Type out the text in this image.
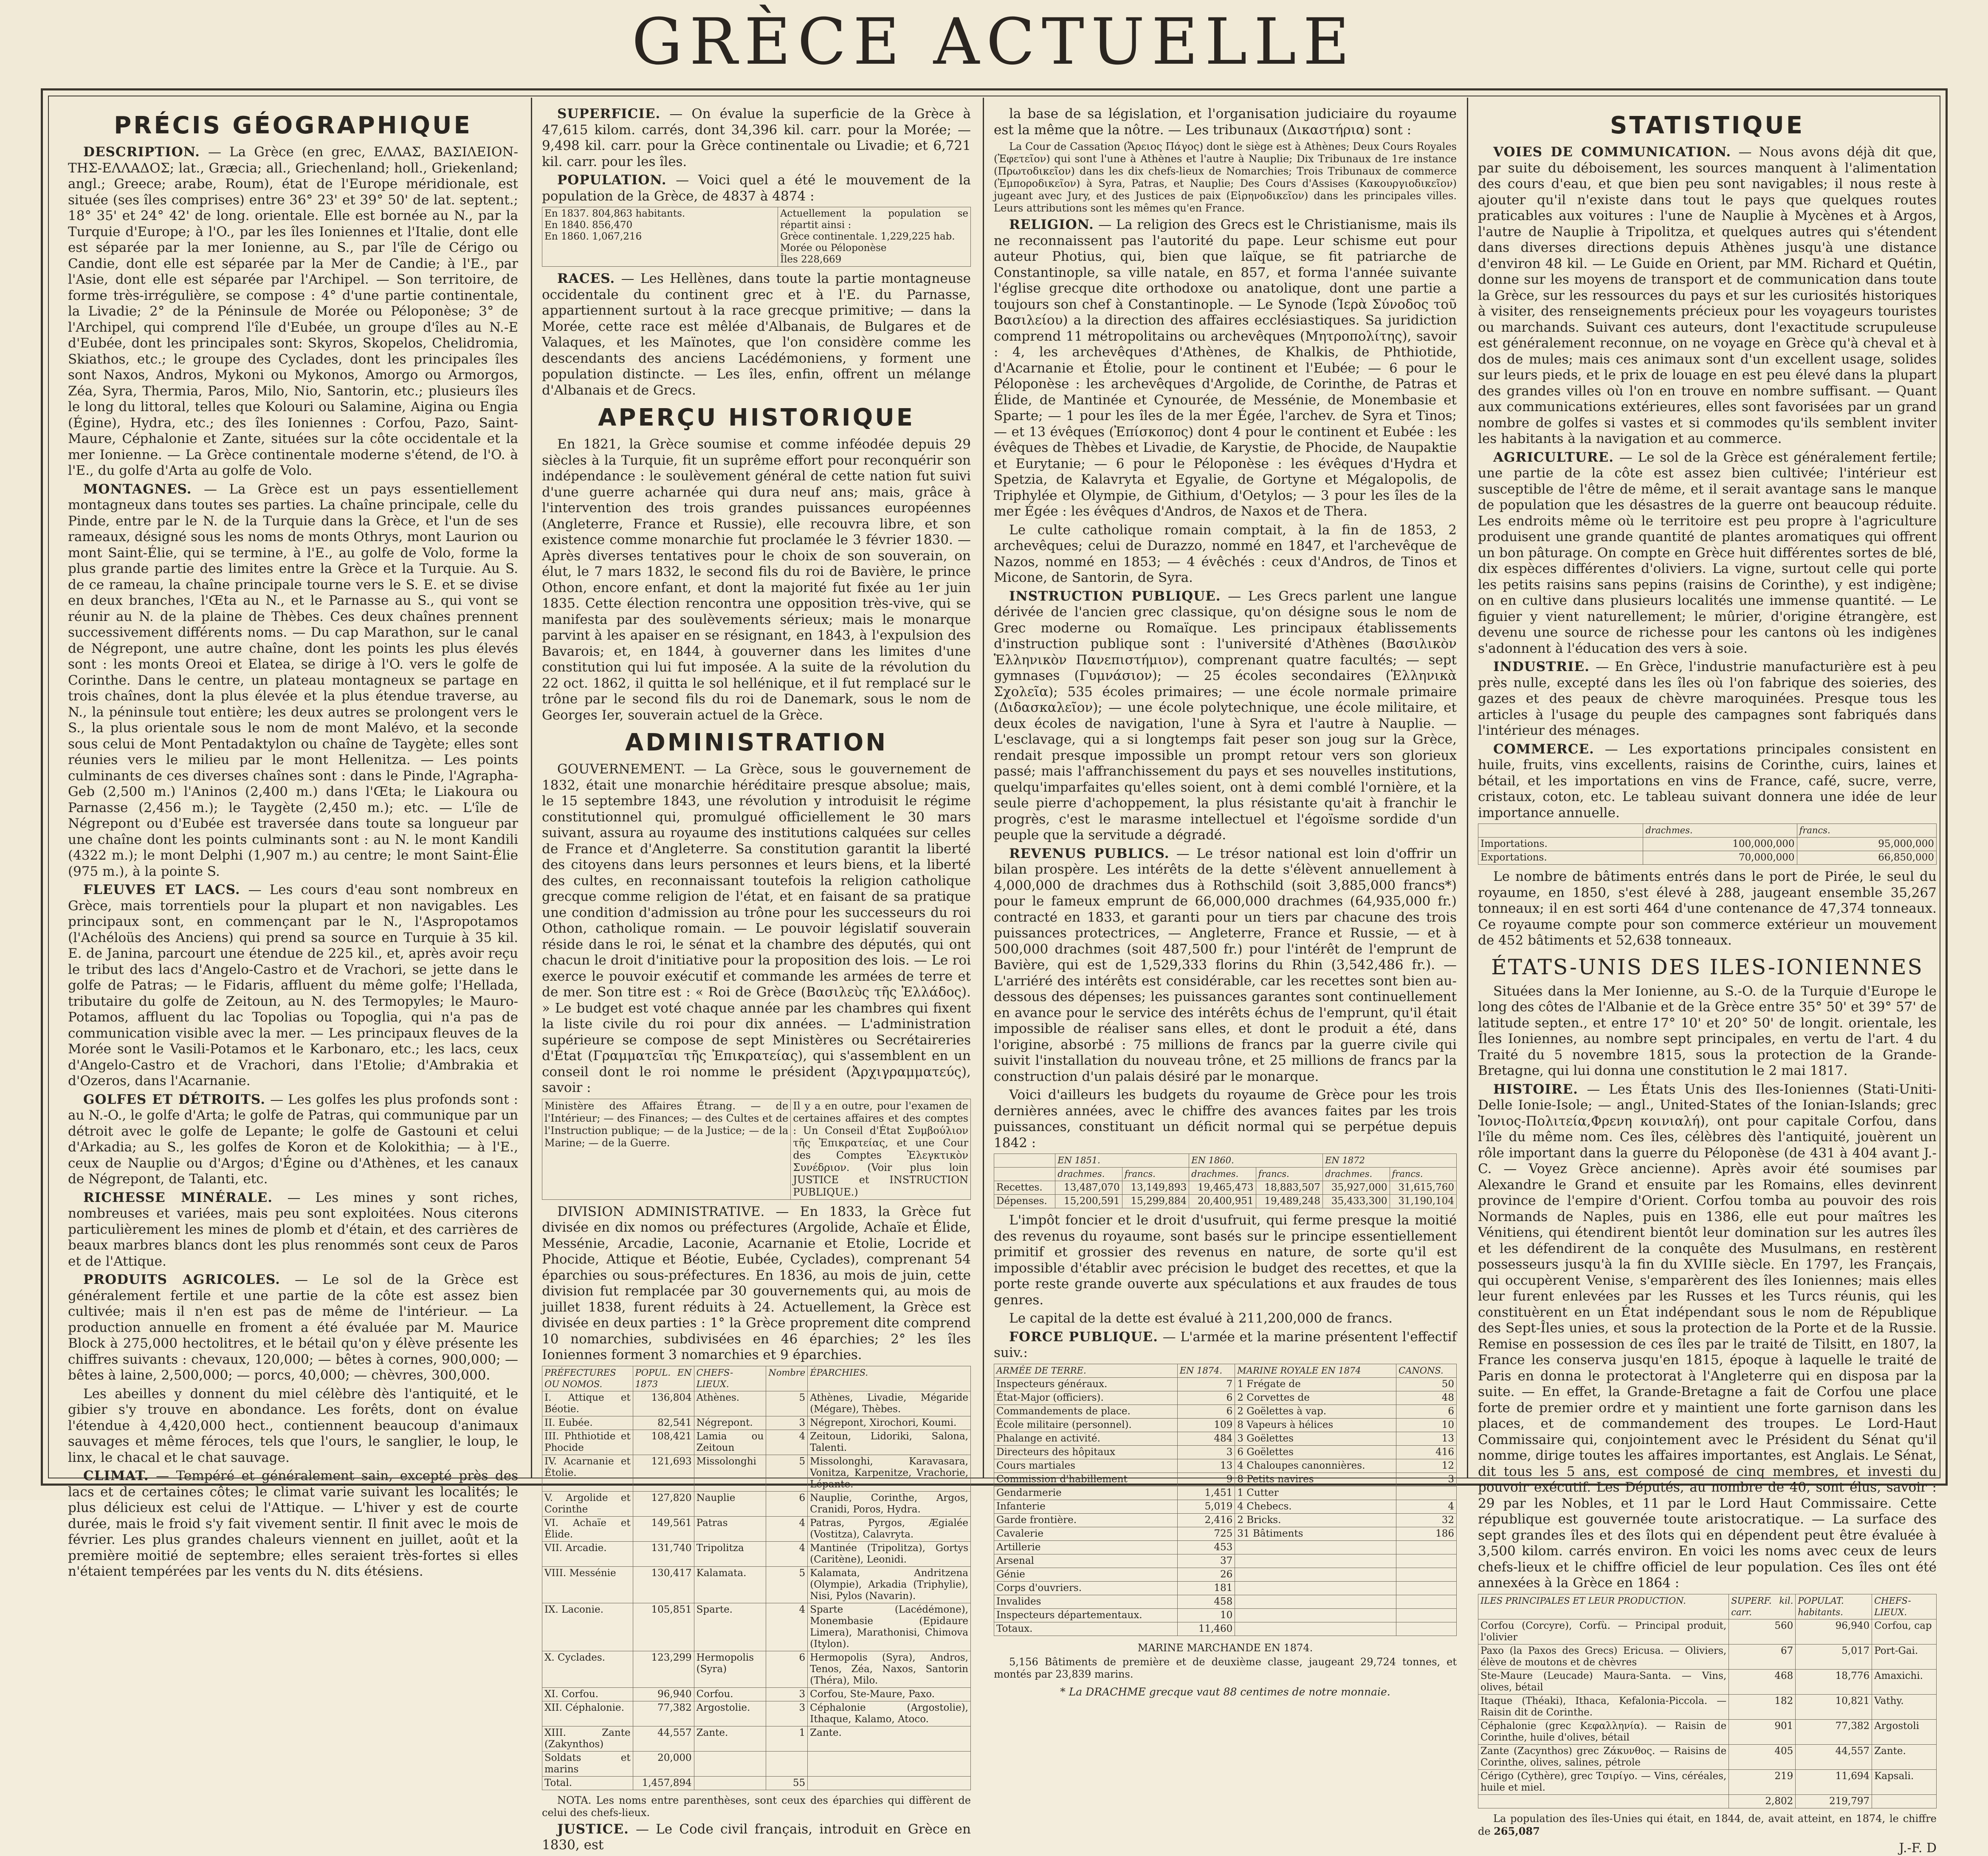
GRÈCE ACTUELLE
PRÉCIS GÉOGRAPHIQUE

DESCRIPTION. — La Grèce (en grec, ΕΛΛΑΣ, ΒΑΣΙΛΕΙΟΝ-ΤΗΣ-ΕΛΛΑΔΟΣ; lat., Græcia; all., Griechenland; holl., Griekenland; angl.; Greece; arabe, Roum), état de l'Europe méridionale, est située (ses îles comprises) entre 36° 23' et 39° 50' de lat. septent.; 18° 35' et 24° 42' de long. orientale. Elle est bornée au N., par la Turquie d'Europe; à l'O., par les îles Ioniennes et l'Italie, dont elle est séparée par la mer Ionienne, au S., par l'île de Cérigo ou Candie, dont elle est séparée par la Mer de Candie; à l'E., par l'Asie, dont elle est séparée par l'Archipel. — Son territoire, de forme très-irrégulière, se compose : 4° d'une partie continentale, la Livadie; 2° de la Péninsule de Morée ou Péloponèse; 3° de l'Archipel, qui comprend l'île d'Eubée, un groupe d'îles au N.-E d'Eubée, dont les principales sont: Skyros, Skopelos, Chelidromia, Skiathos, etc.; le groupe des Cyclades, dont les principales îles sont Naxos, Andros, Mykoni ou Mykonos, Amorgo ou Armorgos, Zéa, Syra, Thermia, Paros, Milo, Nio, Santorin, etc.; plusieurs îles le long du littoral, telles que Kolouri ou Salamine, Aigina ou Engia (Égine), Hydra, etc.; des îles Ioniennes : Corfou, Pazo, Saint-Maure, Céphalonie et Zante, situées sur la côte occidentale et la mer Ionienne. — La Grèce continentale moderne s'étend, de l'O. à l'E., du golfe d'Arta au golfe de Volo.

MONTAGNES. — La Grèce est un pays essentiellement montagneux dans toutes ses parties. La chaîne principale, celle du Pinde, entre par le N. de la Turquie dans la Grèce, et l'un de ses rameaux, désigné sous les noms de monts Othrys, mont Laurion ou mont Saint-Élie, qui se termine, à l'E., au golfe de Volo, forme la plus grande partie des limites entre la Grèce et la Turquie. Au S. de ce rameau, la chaîne principale tourne vers le S. E. et se divise en deux branches, l'Œta au N., et le Parnasse au S., qui vont se réunir au N. de la plaine de Thèbes. Ces deux chaînes prennent successivement différents noms. — Du cap Marathon, sur le canal de Négrepont, une autre chaîne, dont les points les plus élevés sont : les monts Oreoi et Elatea, se dirige à l'O. vers le golfe de Corinthe. Dans le centre, un plateau montagneux se partage en trois chaînes, dont la plus élevée et la plus étendue traverse, au N., la péninsule tout entière; les deux autres se prolongent vers le S., la plus orientale sous le nom de mont Malévo, et la seconde sous celui de Mont Pentadaktylon ou chaîne de Taygète; elles sont réunies vers le milieu par le mont Hellenitza. — Les points culminants de ces diverses chaînes sont : dans le Pinde, l'Agrapha-Geb (2,500 m.) l'Aninos (2,400 m.) dans l'Œta; le Liakoura ou Parnasse (2,456 m.); le Taygète (2,450 m.); etc. — L'île de Négrepont ou d'Eubée est traversée dans toute sa longueur par une chaîne dont les points culminants sont : au N. le mont Kandili (4322 m.); le mont Delphi (1,907 m.) au centre; le mont Saint-Élie (975 m.), à la pointe S.

FLEUVES ET LACS. — Les cours d'eau sont nombreux en Grèce, mais torrentiels pour la plupart et non navigables. Les principaux sont, en commençant par le N., l'Aspropotamos (l'Achéloüs des Anciens) qui prend sa source en Turquie à 35 kil. E. de Janina, parcourt une étendue de 225 kil., et, après avoir reçu le tribut des lacs d'Angelo-Castro et de Vrachori, se jette dans le golfe de Patras; — le Fidaris, affluent du même golfe; l'Hellada, tributaire du golfe de Zeitoun, au N. des Termopyles; le Mauro-Potamos, affluent du lac Topolias ou Topoglia, qui n'a pas de communication visible avec la mer. — Les principaux fleuves de la Morée sont le Vasili-Potamos et le Karbonaro, etc.; les lacs, ceux d'Angelo-Castro et de Vrachori, dans l'Etolie; d'Ambrakia et d'Ozeros, dans l'Acarnanie.

GOLFES ET DÉTROITS. — Les golfes les plus profonds sont : au N.-O., le golfe d'Arta; le golfe de Patras, qui communique par un détroit avec le golfe de Lepante; le golfe de Gastouni et celui d'Arkadia; au S., les golfes de Koron et de Kolokithia; — à l'E., ceux de Nauplie ou d'Argos; d'Égine ou d'Athènes, et les canaux de Négrepont, de Talanti, etc.

RICHESSE MINÉRALE. — Les mines y sont riches, nombreuses et variées, mais peu sont exploitées. Nous citerons particulièrement les mines de plomb et d'étain, et des carrières de beaux marbres blancs dont les plus renommés sont ceux de Paros et de l'Attique.

PRODUITS AGRICOLES. — Le sol de la Grèce est généralement fertile et une partie de la côte est assez bien cultivée; mais il n'en est pas de même de l'intérieur. — La production annuelle en froment a été évaluée par M. Maurice Block à 275,000 hectolitres, et le bétail qu'on y élève présente les chiffres suivants : chevaux, 120,000; — bêtes à cornes, 900,000; — bêtes à laine, 2,500,000; — porcs, 40,000; — chèvres, 300,000.

Les abeilles y donnent du miel célèbre dès l'antiquité, et le gibier s'y trouve en abondance. Les forêts, dont on évalue l'étendue à 4,420,000 hect., contiennent beaucoup d'animaux sauvages et même féroces, tels que l'ours, le sanglier, le loup, le linx, le chacal et le chat sauvage.

CLIMAT. — Tempéré et généralement sain, excepté près des lacs et de certaines côtes; le climat varie suivant les localités; le plus délicieux est celui de l'Attique. — L'hiver y est de courte durée, mais le froid s'y fait vivement sentir. Il finit avec le mois de février. Les plus grandes chaleurs viennent en juillet, août et la première moitié de septembre; elles seraient très-fortes si elles n'étaient tempérées par les vents du N. dits étésiens.

SUPERFICIE. — On évalue la superficie de la Grèce à 47,615 kilom. carrés, dont 34,396 kil. carr. pour la Morée; — 9,498 kil. carr. pour la Grèce continentale ou Livadie; et 6,721 kil. carr. pour les îles.

POPULATION. — Voici quel a été le mouvement de la population de la Grèce, de 4837 à 4874 :

En 1837. 804,863 habitants.
En 1840. 856,470
En 1860. 1,067,216

Actuellement la population se répartit ainsi :
Grèce continentale. 1,229,225 hab.
Morée ou Péloponèse
Îles 228,669

RACES. — Les Hellènes, dans toute la partie montagneuse occidentale du continent grec et à l'E. du Parnasse, appartiennent surtout à la race grecque primitive; — dans la Morée, cette race est mêlée d'Albanais, de Bulgares et de Valaques, et les Maïnotes, que l'on considère comme les descendants des anciens Lacédémoniens, y forment une population distincte. — Les îles, enfin, offrent un mélange d'Albanais et de Grecs.

APERÇU HISTORIQUE

En 1821, la Grèce soumise et comme inféodée depuis 29 siècles à la Turquie, fit un suprême effort pour reconquérir son indépendance : le soulèvement général de cette nation fut suivi d'une guerre acharnée qui dura neuf ans; mais, grâce à l'intervention des trois grandes puissances européennes (Angleterre, France et Russie), elle recouvra libre, et son existence comme monarchie fut proclamée le 3 février 1830. — Après diverses tentatives pour le choix de son souverain, on élut, le 7 mars 1832, le second fils du roi de Bavière, le prince Othon, encore enfant, et dont la majorité fut fixée au 1er juin 1835. Cette élection rencontra une opposition très-vive, qui se manifesta par des soulèvements sérieux; mais le monarque parvint à les apaiser en se résignant, en 1843, à l'expulsion des Bavarois; et, en 1844, à gouverner dans les limites d'une constitution qui lui fut imposée. A la suite de la révolution du 22 oct. 1862, il quitta le sol hellénique, et il fut remplacé sur le trône par le second fils du roi de Danemark, sous le nom de Georges Ier, souverain actuel de la Grèce.

ADMINISTRATION

GOUVERNEMENT. — La Grèce, sous le gouvernement de 1832, était une monarchie héréditaire presque absolue; mais, le 15 septembre 1843, une révolution y introduisit le régime constitutionnel qui, promulgué officiellement le 30 mars suivant, assura au royaume des institutions calquées sur celles de France et d'Angleterre. Sa constitution garantit la liberté des citoyens dans leurs personnes et leurs biens, et la liberté des cultes, en reconnaissant toutefois la religion catholique grecque comme religion de l'état, et en faisant de sa pratique une condition d'admission au trône pour les successeurs du roi Othon, catholique romain. — Le pouvoir législatif souverain réside dans le roi, le sénat et la chambre des députés, qui ont chacun le droit d'initiative pour la proposition des lois. — Le roi exerce le pouvoir exécutif et commande les armées de terre et de mer. Son titre est : « Roi de Grèce (Βασιλεὺς τῆς Ἑλλάδος). » Le budget est voté chaque année par les chambres qui fixent la liste civile du roi pour dix années. — L'administration supérieure se compose de sept Ministères ou Secrétaireries d'État (Γραμματεῖαι τῆς Ἐπικρατείας), qui s'assemblent en un conseil dont le roi nomme le président (Ἀρχιγραμματεύς), savoir :

Ministère des Affaires Étrang. — de l'Intérieur; — des Finances; — des Cultes et de l'Instruction publique; — de la Justice; — de la Marine; — de la Guerre.	Il y a en outre, pour l'examen de certaines affaires et des comptes : Un Conseil d'État Συμβούλιον τῆς Ἐπικρατείας, et une Cour des Comptes Ἐλεγκτικὸν Συνέδριον. (Voir plus loin JUSTICE et INSTRUCTION PUBLIQUE.)

DIVISION ADMINISTRATIVE. — En 1833, la Grèce fut divisée en dix nomos ou préfectures (Argolide, Achaïe et Élide, Messénie, Arcadie, Laconie, Acarnanie et Etolie, Locride et Phocide, Attique et Béotie, Eubée, Cyclades), comprenant 54 éparchies ou sous-préfectures. En 1836, au mois de juin, cette division fut remplacée par 30 gouvernements qui, au mois de juillet 1838, furent réduits à 24. Actuellement, la Grèce est divisée en deux parties : 1° la Grèce proprement dite comprend 10 nomarchies, subdivisées en 46 éparchies; 2° les îles Ioniennes forment 3 nomarchies et 9 éparchies.

PRÉFECTURES OU NOMOS.	POPUL. EN 1873	CHEFS-LIEUX.	Nombre	ÉPARCHIES.
I. Attique et Béotie.	136,804	Athènes.	5	Athènes, Livadie, Mégaride (Mégare), Thèbes.
II. Eubée.	82,541	Négrepont.	3	Négrepont, Xirochori, Koumi.
III. Phthiotide et Phocide	108,421	Lamia ou Zeitoun	4	Zeitoun, Lidoriki, Salona, Talenti.
IV. Acarnanie et Étolie.	121,693	Missolonghi	5	Missolonghi, Karavasara, Vonitza, Karpenitze, Vrachorie, Lépante.
V. Argolide et Corinthe	127,820	Nauplie	6	Nauplie, Corinthe, Argos, Cranidi, Poros, Hydra.
VI. Achaïe et Élide.	149,561	Patras	4	Patras, Pyrgos, Ægialée (Vostitza), Calavryta.
VII. Arcadie.	131,740	Tripolitza	4	Mantinée (Tripolitza), Gortys (Caritène), Leonidi.
VIII. Messénie	130,417	Kalamata.	5	Kalamata, Andritzena (Olympie), Arkadia (Triphylie), Nisi, Pylos (Navarin).
IX. Laconie.	105,851	Sparte.	4	Sparte (Lacédémone), Monembasie (Epidaure Limera), Marathonisi, Chimova (Itylon).
X. Cyclades.	123,299	Hermopolis (Syra)	6	Hermopolis (Syra), Andros, Tenos, Zéa, Naxos, Santorin (Théra), Milo.
XI. Corfou.	96,940	Corfou.	3	Corfou, Ste-Maure, Paxo.
XII. Céphalonie.	77,382	Argostolie.	3	Céphalonie (Argostolie), Ithaque, Kalamo, Atoco.
XIII. Zante (Zakynthos)	44,557	Zante.	1	Zante.
Soldats et marins	20,000			
Total.	1,457,894		55	

NOTA. Les noms entre parenthèses, sont ceux des éparchies qui diffèrent de celui des chefs-lieux.

JUSTICE. — Le Code civil français, introduit en Grèce en 1830, est

la base de sa législation, et l'organisation judiciaire du royaume est la même que la nôtre. — Les tribunaux (Δικαστήρια) sont :

La Cour de Cassation (Ἄρειος Πάγος) dont le siège est à Athènes; Deux Cours Royales (Ἐφετεῖον) qui sont l'une à Athènes et l'autre à Nauplie; Dix Tribunaux de 1re instance (Πρωτοδικεῖον) dans les dix chefs-lieux de Nomarchies; Trois Tribunaux de commerce (Ἐμποροδικεῖον) à Syra, Patras, et Nauplie; Des Cours d'Assises (Κακουργιοδικεῖον) jugeant avec Jury, et des Justices de paix (Εἰρηνοδικεῖον) dans les principales villes. Leurs attributions sont les mêmes qu'en France.

RELIGION. — La religion des Grecs est le Christianisme, mais ils ne reconnaissent pas l'autorité du pape. Leur schisme eut pour auteur Photius, qui, bien que laïque, se fit patriarche de Constantinople, sa ville natale, en 857, et forma l'année suivante l'église grecque dite orthodoxe ou anatolique, dont une partie a toujours son chef à Constantinople. — Le Synode (Ἱερὰ Σύνοδος τοῦ Βασιλείου) a la direction des affaires ecclésiastiques. Sa juridiction comprend 11 métropolitains ou archevêques (Μητροπολίτης), savoir : 4, les archevêques d'Athènes, de Khalkis, de Phthiotide, d'Acarnanie et Étolie, pour le continent et l'Eubée; — 6 pour le Péloponèse : les archevêques d'Argolide, de Corinthe, de Patras et Élide, de Mantinée et Cynourée, de Messénie, de Monembasie et Sparte; — 1 pour les îles de la mer Égée, l'archev. de Syra et Tinos; — et 13 évêques (Ἐπίσκοπος) dont 4 pour le continent et Eubée : les évêques de Thèbes et Livadie, de Karystie, de Phocide, de Naupaktie et Eurytanie; — 6 pour le Péloponèse : les évêques d'Hydra et Spetzia, de Kalavryta et Egyalie, de Gortyne et Mégalopolis, de Triphylée et Olympie, de Githium, d'Oetylos; — 3 pour les îles de la mer Égée : les évêques d'Andros, de Naxos et de Thera.

Le culte catholique romain comptait, à la fin de 1853, 2 archevêques; celui de Durazzo, nommé en 1847, et l'archevêque de Nazos, nommé en 1853; — 4 évêchés : ceux d'Andros, de Tinos et Micone, de Santorin, de Syra.

INSTRUCTION PUBLIQUE. — Les Grecs parlent une langue dérivée de l'ancien grec classique, qu'on désigne sous le nom de Grec moderne ou Romaïque. Les principaux établissements d'instruction publique sont : l'université d'Athènes (Βασιλικὸν Ἑλληνικὸν Πανεπιστήμιον), comprenant quatre facultés; — sept gymnases (Γυμνάσιον); — 25 écoles secondaires (Ἑλληνικὰ Σχολεῖα); 535 écoles primaires; — une école normale primaire (Διδασκαλεῖον); — une école polytechnique, une école militaire, et deux écoles de navigation, l'une à Syra et l'autre à Nauplie. — L'esclavage, qui a si longtemps fait peser son joug sur la Grèce, rendait presque impossible un prompt retour vers son glorieux passé; mais l'affranchissement du pays et ses nouvelles institutions, quelqu'imparfaites qu'elles soient, ont à demi comblé l'ornière, et la seule pierre d'achoppement, la plus résistante qu'ait à franchir le progrès, c'est le marasme intellectuel et l'égoïsme sordide d'un peuple que la servitude a dégradé.

REVENUS PUBLICS. — Le trésor national est loin d'offrir un bilan prospère. Les intérêts de la dette s'élèvent annuellement à 4,000,000 de drachmes dus à Rothschild (soit 3,885,000 francs*) pour le fameux emprunt de 66,000,000 drachmes (64,935,000 fr.) contracté en 1833, et garanti pour un tiers par chacune des trois puissances protectrices, — Angleterre, France et Russie, — et à 500,000 drachmes (soit 487,500 fr.) pour l'intérêt de l'emprunt de Bavière, qui est de 1,529,333 florins du Rhin (3,542,486 fr.). — L'arriéré des intérêts est considérable, car les recettes sont bien au-dessous des dépenses; les puissances garantes sont continuellement en avance pour le service des intérêts échus de l'emprunt, qu'il était impossible de réaliser sans elles, et dont le produit a été, dans l'origine, absorbé : 75 millions de francs par la guerre civile qui suivit l'installation du nouveau trône, et 25 millions de francs par la construction d'un palais désiré par le monarque.

Voici d'ailleurs les budgets du royaume de Grèce pour les trois dernières années, avec le chiffre des avances faites par les trois puissances, constituant un déficit normal qui se perpétue depuis 1842 :

	EN 1851.		EN 1860.		EN 1872	
	drachmes.	francs.	drachmes.	francs.	drachmes.	francs.
Recettes.	13,487,070	13,149,893	19,465,473	18,883,507	35,927,000	31,615,760
Dépenses.	15,200,591	15,299,884	20,400,951	19,489,248	35,433,300	31,190,104

L'impôt foncier et le droit d'usufruit, qui ferme presque la moitié des revenus du royaume, sont basés sur le principe essentiellement primitif et grossier des revenus en nature, de sorte qu'il est impossible d'établir avec précision le budget des recettes, et que la porte reste grande ouverte aux spéculations et aux fraudes de tous genres.

Le capital de la dette est évalué à 211,200,000 de francs.

FORCE PUBLIQUE. — L'armée et la marine présentent l'effectif suiv.:

ARMÉE DE TERRE.	EN 1874.	MARINE ROYALE EN 1874	CANONS.
Inspecteurs généraux.	7	1 Frégate de	50
État-Major (officiers).	6	2 Corvettes de	48
Commandements de place.	6	2 Goëlettes à vap.	6
École militaire (personnel).	109	8 Vapeurs à hélices	10
Phalange en activité.	484	3 Goëlettes	13
Directeurs des hôpitaux	3	6 Goëlettes	416
Cours martiales	13	4 Chaloupes canonnières.	12
Commission d'habillement	9	8 Petits navires	3
Gendarmerie	1,451	1 Cutter	
Infanterie	5,019	4 Chebecs.	4
Garde frontière.	2,416	2 Bricks.	32
Cavalerie	725	31 Bâtiments	186
Artillerie	453		
Arsenal	37		
Génie	26		
Corps d'ouvriers.	181		
Invalides	458		
Inspecteurs départementaux.	10		
Totaux.	11,460		
MARINE MARCHANDE EN 1874.

5,156 Bâtiments de première et de deuxième classe, jaugeant 29,724 tonnes, et montés par 23,839 marins.

* La DRACHME grecque vaut 88 centimes de notre monnaie.
STATISTIQUE

VOIES DE COMMUNICATION. — Nous avons déjà dit que, par suite du déboisement, les sources manquent à l'alimentation des cours d'eau, et que bien peu sont navigables; il nous reste à ajouter qu'il n'existe dans tout le pays que quelques routes praticables aux voitures : l'une de Nauplie à Mycènes et à Argos, l'autre de Nauplie à Tripolitza, et quelques autres qui s'étendent dans diverses directions depuis Athènes jusqu'à une distance d'environ 48 kil. — Le Guide en Orient, par MM. Richard et Quétin, donne sur les moyens de transport et de communication dans toute la Grèce, sur les ressources du pays et sur les curiosités historiques à visiter, des renseignements précieux pour les voyageurs touristes ou marchands. Suivant ces auteurs, dont l'exactitude scrupuleuse est généralement reconnue, on ne voyage en Grèce qu'à cheval et à dos de mules; mais ces animaux sont d'un excellent usage, solides sur leurs pieds, et le prix de louage en est peu élevé dans la plupart des grandes villes où l'on en trouve en nombre suffisant. — Quant aux communications extérieures, elles sont favorisées par un grand nombre de golfes si vastes et si commodes qu'ils semblent inviter les habitants à la navigation et au commerce.

AGRICULTURE. — Le sol de la Grèce est généralement fertile; une partie de la côte est assez bien cultivée; l'intérieur est susceptible de l'être de même, et il serait avantage sans le manque de population que les désastres de la guerre ont beaucoup réduite. Les endroits même où le territoire est peu propre à l'agriculture produisent une grande quantité de plantes aromatiques qui offrent un bon pâturage. On compte en Grèce huit différentes sortes de blé, dix espèces différentes d'oliviers. La vigne, surtout celle qui porte les petits raisins sans pepins (raisins de Corinthe), y est indigène; on en cultive dans plusieurs localités une immense quantité. — Le figuier y vient naturellement; le mûrier, d'origine étrangère, est devenu une source de richesse pour les cantons où les indigènes s'adonnent à l'éducation des vers à soie.

INDUSTRIE. — En Grèce, l'industrie manufacturière est à peu près nulle, excepté dans les îles où l'on fabrique des soieries, des gazes et des peaux de chèvre maroquinées. Presque tous les articles à l'usage du peuple des campagnes sont fabriqués dans l'intérieur des ménages.

COMMERCE. — Les exportations principales consistent en huile, fruits, vins excellents, raisins de Corinthe, cuirs, laines et bétail, et les importations en vins de France, café, sucre, verre, cristaux, coton, etc. Le tableau suivant donnera une idée de leur importance annuelle.

	drachmes.	francs.
Importations.	100,000,000	95,000,000
Exportations.	70,000,000	66,850,000

Le nombre de bâtiments entrés dans le port de Pirée, le seul du royaume, en 1850, s'est élevé à 288, jaugeant ensemble 35,267 tonneaux; il en est sorti 464 d'une contenance de 47,374 tonneaux. Ce royaume compte pour son commerce extérieur un mouvement de 452 bâtiments et 52,638 tonneaux.

ÉTATS-UNIS DES ILES-IONIENNES

Situées dans la Mer Ionienne, au S.-O. de la Turquie d'Europe le long des côtes de l'Albanie et de la Grèce entre 35° 50' et 39° 57' de latitude septen., et entre 17° 10' et 20° 50' de longit. orientale, les Îles Ioniennes, au nombre sept principales, en vertu de l'art. 4 du Traité du 5 novembre 1815, sous la protection de la Grande-Bretagne, qui lui donna une constitution le 2 mai 1817.

HISTOIRE. — Les États Unis des Iles-Ioniennes (Stati-Uniti-Delle Ionie-Isole; — angl., United-States of the Ionian-Islands; grec Ἰονιος-Πολιτεία,Φρενη κοινιαλή), ont pour capitale Corfou, dans l'île du même nom. Ces îles, célèbres dès l'antiquité, jouèrent un rôle important dans la guerre du Péloponèse (de 431 à 404 avant J.-C. — Voyez Grèce ancienne). Après avoir été soumises par Alexandre le Grand et ensuite par les Romains, elles devinrent province de l'empire d'Orient. Corfou tomba au pouvoir des rois Normands de Naples, puis en 1386, elle eut pour maîtres les Vénitiens, qui étendirent bientôt leur domination sur les autres îles et les défendirent de la conquête des Musulmans, en restèrent possesseurs jusqu'à la fin du XVIIIe siècle. En 1797, les Français, qui occupèrent Venise, s'emparèrent des îles Ioniennes; mais elles leur furent enlevées par les Russes et les Turcs réunis, qui les constituèrent en un État indépendant sous le nom de République des Sept-Îles unies, et sous la protection de la Porte et de la Russie. Remise en possession de ces îles par le traité de Tilsitt, en 1807, la France les conserva jusqu'en 1815, époque à laquelle le traité de Paris en donna le protectorat à l'Angleterre qui en disposa par la suite. — En effet, la Grande-Bretagne a fait de Corfou une place forte de premier ordre et y maintient une forte garnison dans les places, et de commandement des troupes. Le Lord-Haut Commissaire qui, conjointement avec le Président du Sénat qu'il nomme, dirige toutes les affaires importantes, est Anglais. Le Sénat, dit tous les 5 ans, est composé de cinq membres, et investi du pouvoir exécutif. Les Députés, au nombre de 40, sont élus, savoir : 29 par les Nobles, et 11 par le Lord Haut Commissaire. Cette république est gouvernée toute aristocratique. — La surface des sept grandes îles et des îlots qui en dépendent peut être évaluée à 3,500 kilom. carrés environ. En voici les noms avec ceux de leurs chefs-lieux et le chiffre officiel de leur population. Ces îles ont été annexées à la Grèce en 1864 :

ILES PRINCIPALES ET LEUR PRODUCTION.	SUPERF. kil. carr.	POPULAT. habitants.	CHEFS-LIEUX.
Corfou (Corcyre), Corfù. — Principal produit, l'olivier	560	96,940	Corfou, cap
Paxo (la Paxos des Grecs) Ericusa. — Oliviers, élève de moutons et de chèvres	67	5,017	Port-Gai.
Ste-Maure (Leucade) Maura-Santa. — Vins, olives, bétail	468	18,776	Amaxichi.
Itaque (Théaki), Ithaca, Kefalonia-Piccola. — Raisin dit de Corinthe.	182	10,821	Vathy.
Céphalonie (grec Κεφαλληνία). — Raisin de Corinthe, huile d'olives, bétail	901	77,382	Argostoli
Zante (Zacynthos) grec Ζάκυνθος. — Raisins de Corinthe, olives, salines, pétrole	405	44,557	Zante.
Cérigo (Cythère), grec Τσιρίγο. — Vins, céréales, huile et miel.	219	11,694	Kapsali.
	2,802	219,797	

La population des îles-Unies qui était, en 1844, de, avait atteint, en 1874, le chiffre de 265,087

J.-F. D
